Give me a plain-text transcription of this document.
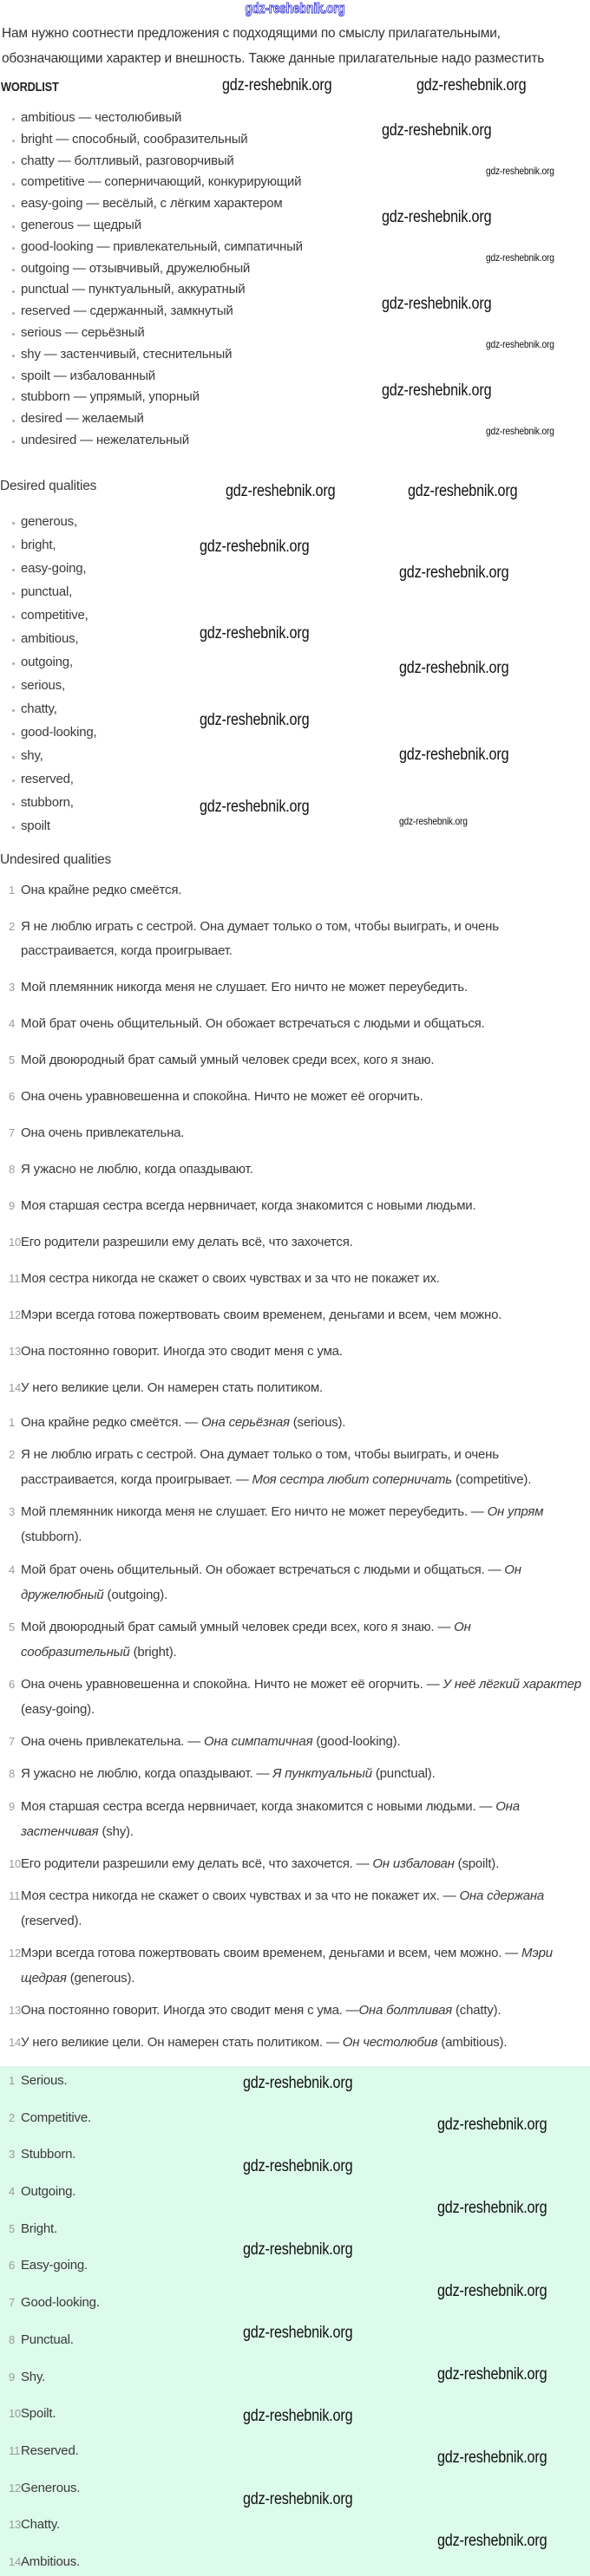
gdz-reshebnik.org
Нам нужно соотнести предложения с подходящими по смыслу прилагательными,
обозначающими характер и внешность. Также данные прилагательные надо разместить
WORDLIST
ambitious — честолюбивый
bright — способный, сообразительный
chatty — болтливый, разговорчивый
competitive — соперничающий, конкурирующий
easy-going — весёлый, с лёгким характером
generous — щедрый
good-looking — привлекательный, симпатичный
outgoing — отзывчивый, дружелюбный
punctual — пунктуальный, аккуратный
reserved — сдержанный, замкнутый
serious — серьёзный
shy — застенчивый, стеснительный
spoilt — избалованный
stubborn — упрямый, упорный
desired — желаемый
undesired — нежелательный
Desired qualities
generous,
bright,
easy-going,
punctual,
competitive,
ambitious,
outgoing,
serious,
chatty,
good-looking,
shy,
reserved,
stubborn,
spoilt
Undesired qualities
1 Она крайне редко смеётся.
2 Я не люблю играть с сестрой. Она думает только о том, чтобы выиграть, и очень расстраивается, когда проигрывает.
3 Мой племянник никогда меня не слушает. Его ничто не может переубедить.
4 Мой брат очень общительный. Он обожает встречаться с людьми и общаться.
5 Мой двоюродный брат самый умный человек среди всех, кого я знаю.
6 Она очень уравновешенна и спокойна. Ничто не может её огорчить.
7 Она очень привлекательна.
8 Я ужасно не люблю, когда опаздывают.
9 Моя старшая сестра всегда нервничает, когда знакомится с новыми людьми.
10 Его родители разрешили ему делать всё, что захочется.
11 Моя сестра никогда не скажет о своих чувствах и за что не покажет их.
12 Мэри всегда готова пожертвовать своим временем, деньгами и всем, чем можно.
13 Она постоянно говорит. Иногда это сводит меня с ума.
14 У него великие цели. Он намерен стать политиком.
1 Она крайне редко смеётся. — Она серьёзная (serious).
2 Я не люблю играть с сестрой. Она думает только о том, чтобы выиграть, и очень расстраивается, когда проигрывает. — Моя сестра любит соперничать (competitive).
3 Мой племянник никогда меня не слушает. Его ничто не может переубедить. — Он упрям (stubborn).
4 Мой брат очень общительный. Он обожает встречаться с людьми и общаться. — Он дружелюбный (outgoing).
5 Мой двоюродный брат самый умный человек среди всех, кого я знаю. — Он сообразительный (bright).
6 Она очень уравновешенна и спокойна. Ничто не может её огорчить. — У неё лёгкий характер (easy-going).
7 Она очень привлекательна. — Она симпатичная (good-looking).
8 Я ужасно не люблю, когда опаздывают. — Я пунктуальный (punctual).
9 Моя старшая сестра всегда нервничает, когда знакомится с новыми людьми. — Она застенчивая (shy).
10 Его родители разрешили ему делать всё, что захочется. — Он избалован (spoilt).
11 Моя сестра никогда не скажет о своих чувствах и за что не покажет их. — Она сдержана (reserved).
12 Мэри всегда готова пожертвовать своим временем, деньгами и всем, чем можно. — Мэри щедрая (generous).
13 Она постоянно говорит. Иногда это сводит меня с ума. —Она болтливая (chatty).
14 У него великие цели. Он намерен стать политиком. — Он честолюбив (ambitious).
1 Serious.
2 Competitive.
3 Stubborn.
4 Outgoing.
5 Bright.
6 Easy-going.
7 Good-looking.
8 Punctual.
9 Shy.
10 Spoilt.
11 Reserved.
12 Generous.
13 Chatty.
14 Ambitious.
gdz-reshebnik.org	gdz-reshebnik.org
gdz-reshebnik.org
gdz-reshebnik.org
gdz-reshebnik.org
gdz-reshebnik.org
gdz-reshebnik.org
gdz-reshebnik.org
gdz-reshebnik.org
gdz-reshebnik.org
gdz-reshebnik.org	gdz-reshebnik.org
gdz-reshebnik.org
gdz-reshebnik.org
gdz-reshebnik.org
gdz-reshebnik.org
gdz-reshebnik.org
gdz-reshebnik.org
gdz-reshebnik.org
gdz-reshebnik.org
gdz-reshebnik.org
gdz-reshebnik.org
gdz-reshebnik.org
gdz-reshebnik.org
gdz-reshebnik.org
gdz-reshebnik.org
gdz-reshebnik.org
gdz-reshebnik.org
gdz-reshebnik.org
gdz-reshebnik.org
gdz-reshebnik.org
gdz-reshebnik.org
